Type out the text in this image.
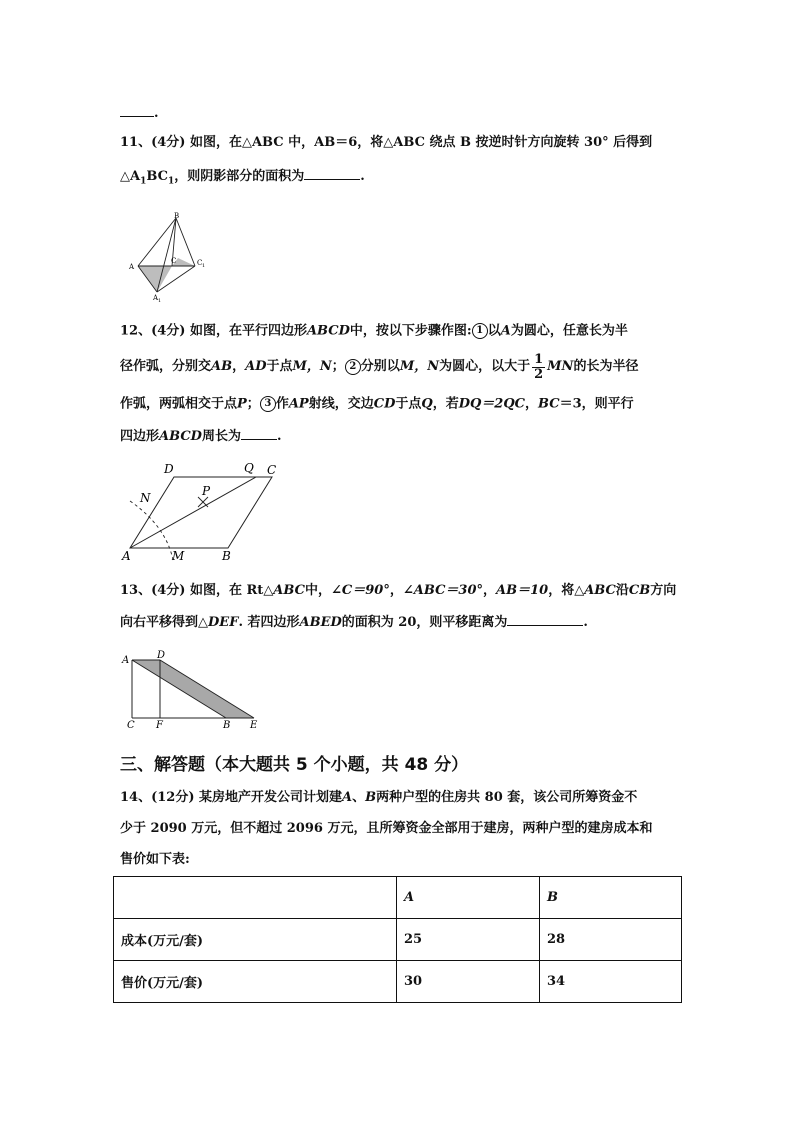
.
11、(4分) 如图，在△ABC 中，AB＝6，将△ABC 绕点 B 按逆时针方向旋转 30° 后得到
$\triangle A_1BC_1$，则阴影部分的面积为	.
B
A
C	C 1
A 1
12、(4分) 如图，在平行四边形ABCD中，按以下步骤作图: 1 以A为圆心，任意长为半
径作弧，分别交 AB ， AD 于点 M，N ； 2 分别以 M，N 为圆心，以大于 $\frac{1}{2}$ MN 的长为半径
作弧，两弧相交于点P； 3 作AP射线，交边CD于点Q，若DQ＝2QC，BC＝3，则平行
四边形ABCD周长为	.
D	Q C
N	P
A	M	B
13、(4分) 如图，在 Rt△ABC中，∠C＝90°，∠ABC＝30°，AB＝10，将△ABC沿CB方向
向右平移得到△DEF. 若四边形ABED的面积为 20，则平移距离为	.
A	D
C F	B E
三、解答题（本大题共 5 个小题，共 48 分）
14、(12分) 某房地产开发公司计划建A、B两种户型的住房共 80 套，该公司所筹资金不
少于 2090 万元，但不超过 2096 万元，且所筹资金全部用于建房，两种户型的建房成本和
售价如下表:
	A	B
成本(万元/套)	25	28
售价(万元/套)	30	34
